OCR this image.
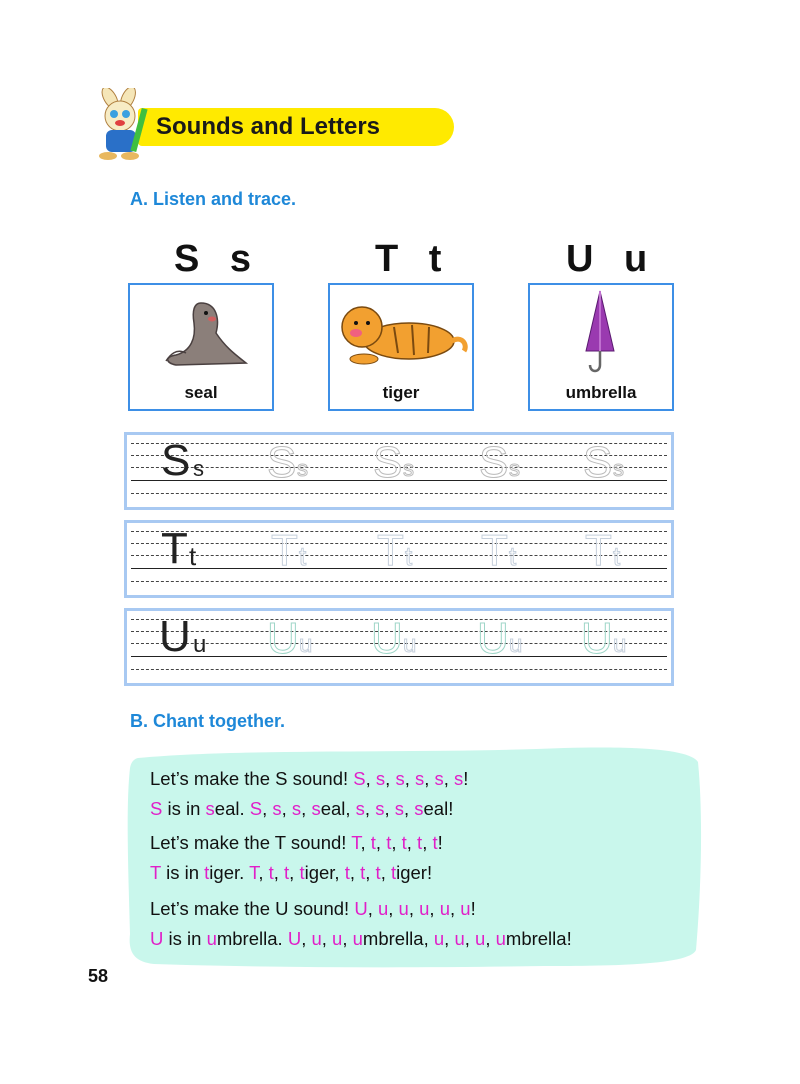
Sounds and Letters
A. Listen and trace.
S s	T t	U u
seal	tiger	umbrella
S s S s S s S s S s
T t T t T t T t T t
U u U u U u U u U u
B. Chant together.
Let’s make the S sound! S, s, s, s, s, s!
S is in seal. S, s, s, seal, s, s, s, seal!
Let’s make the T sound! T, t, t, t, t, t!
T is in tiger. T, t, t, tiger, t, t, t, tiger!
Let’s make the U sound! U, u, u, u, u, u!
U is in umbrella. U, u, u, umbrella, u, u, u, umbrella!
58
